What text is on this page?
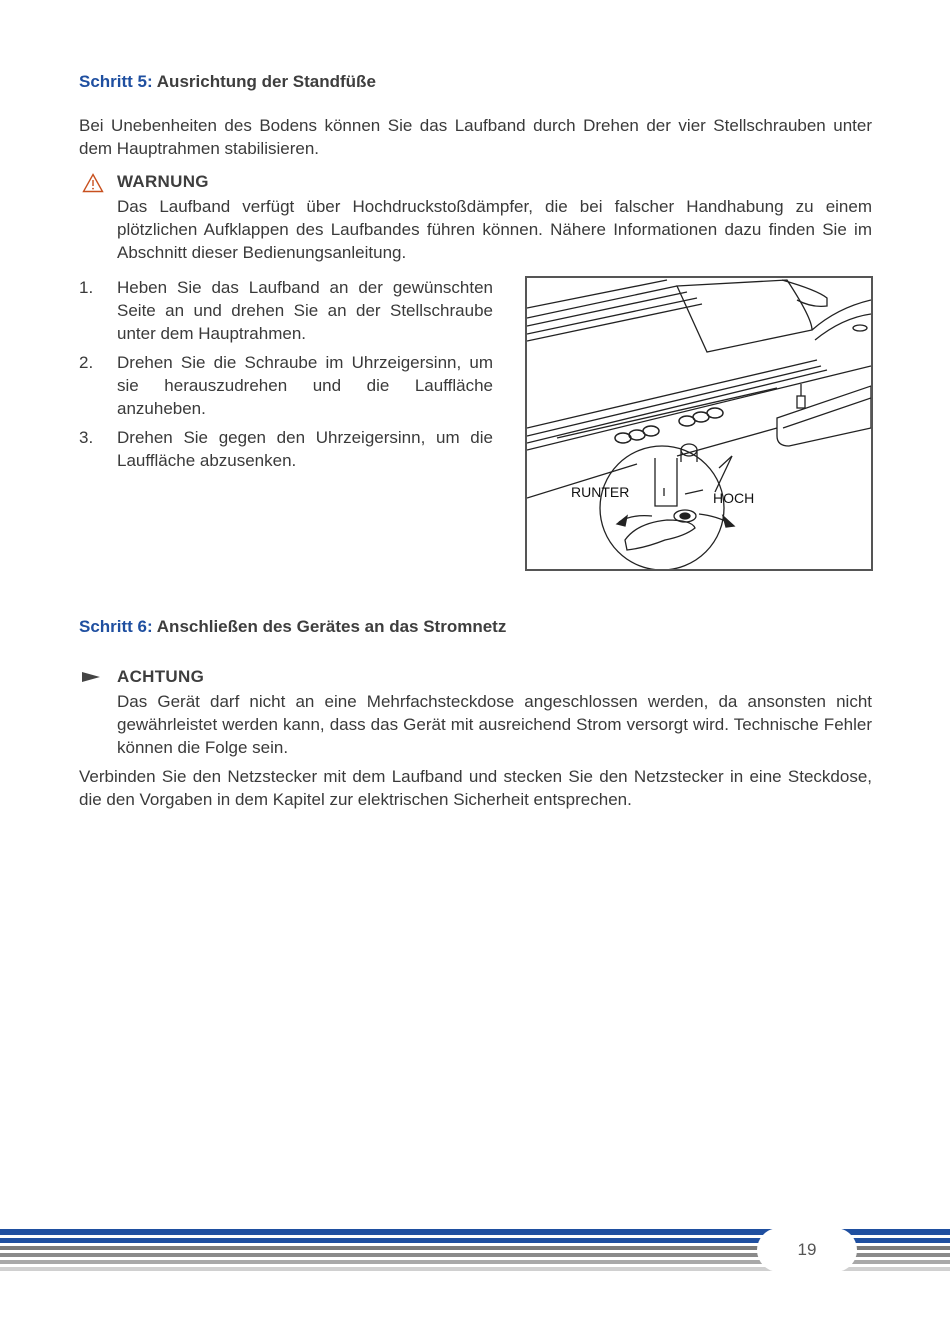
Schritt 5: Ausrichtung der Standfüße
Bei Unebenheiten des Bodens können Sie das Laufband durch Drehen der vier Stellschrauben unter dem Hauptrahmen stabilisieren.
WARNUNG
Das Laufband verfügt über Hochdruckstoßdämpfer, die bei falscher Handhabung zu einem plötzlichen Aufklappen des Laufbandes führen können. Nähere Informationen dazu finden Sie im Abschnitt dieser Bedienungsanleitung.
1. Heben Sie das Laufband an der gewünschten Seite an und drehen Sie an der Stellschraube unter dem Hauptrahmen.
2. Drehen Sie die Schraube im Uhrzeigersinn, um sie herauszudrehen und die Lauffläche anzuheben.
3. Drehen Sie gegen den Uhrzeigersinn, um die Lauffläche abzusenken.
RUNTER	HOCH
Schritt 6: Anschließen des Gerätes an das Stromnetz
ACHTUNG
Das Gerät darf nicht an eine Mehrfachsteckdose angeschlossen werden, da ansonsten nicht gewährleistet werden kann, dass das Gerät mit ausreichend Strom versorgt wird. Technische Fehler können die Folge sein.
Verbinden Sie den Netzstecker mit dem Laufband und stecken Sie den Netzstecker in eine Steckdose, die den Vorgaben in dem Kapitel zur elektrischen Sicherheit entsprechen.
19
